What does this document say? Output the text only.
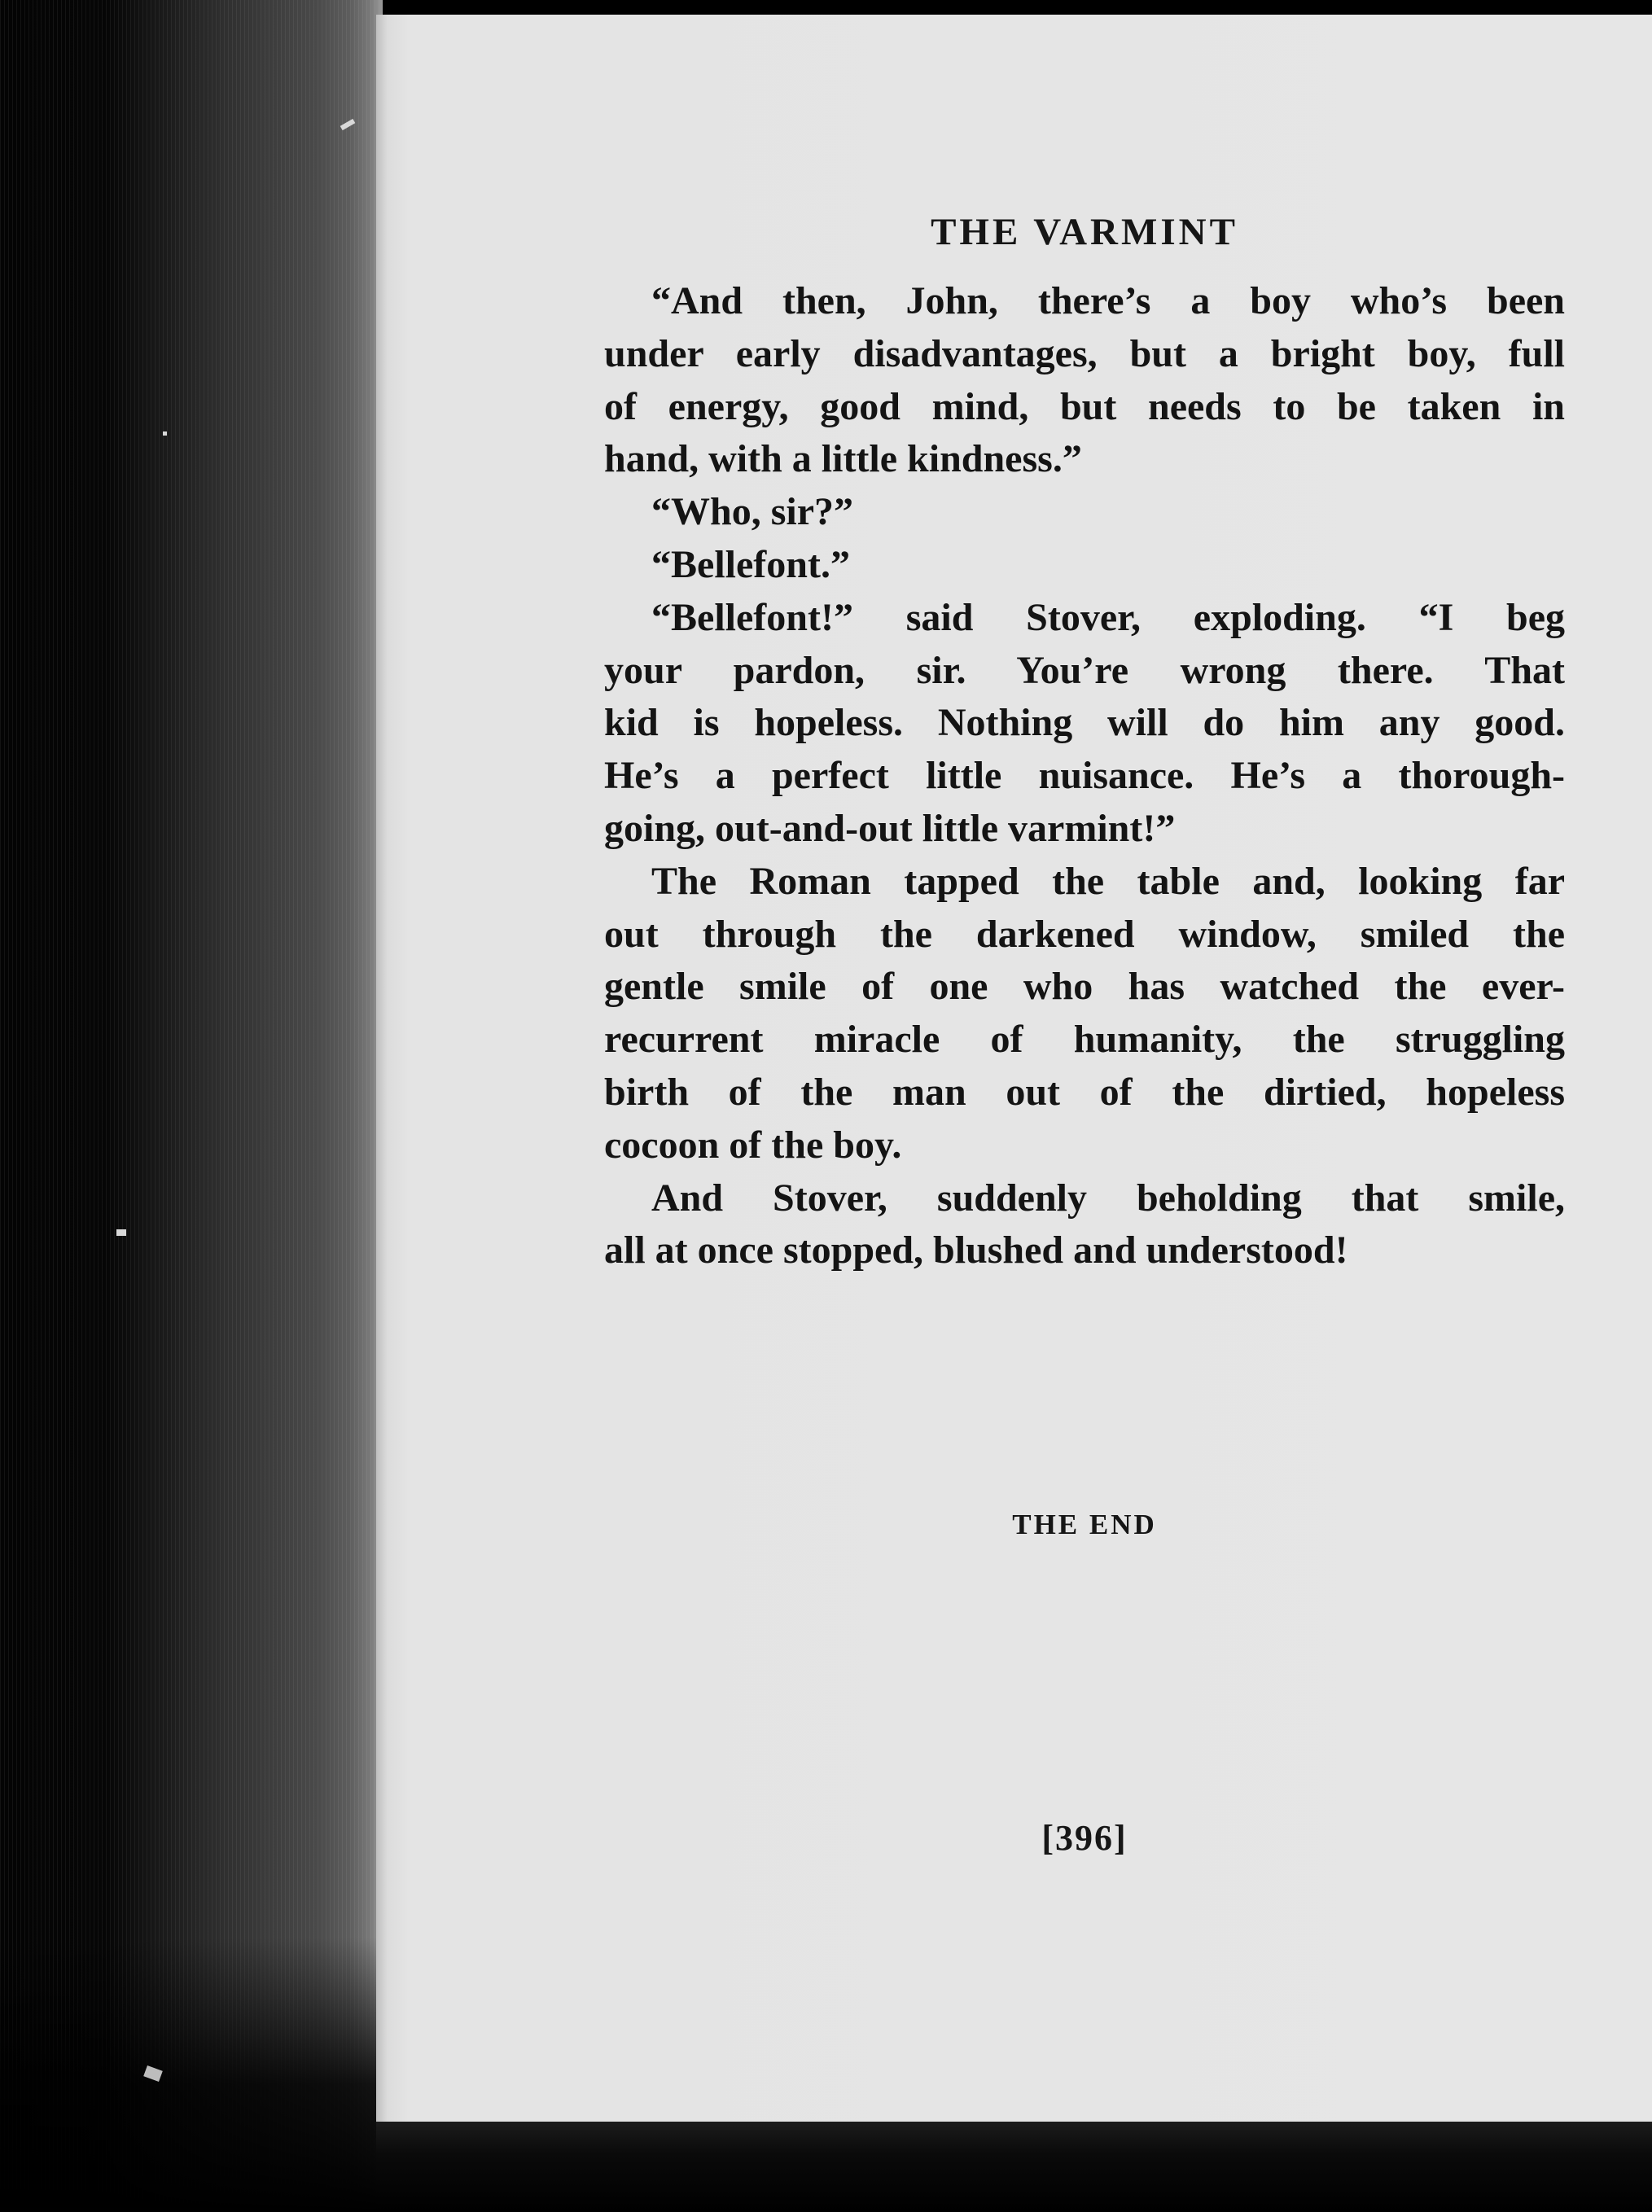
THE VARMINT
“And then, John, there’s a boy who’s been
under early disadvantages, but a bright boy, full
of energy, good mind, but needs to be taken in
hand, with a little kindness.”
“Who, sir?”
“Bellefont.”
“Bellefont!” said Stover, exploding. “I beg
your pardon, sir. You’re wrong there. That
kid is hopeless. Nothing will do him any good.
He’s a perfect little nuisance. He’s a thorough-
going, out-and-out little varmint!”
The Roman tapped the table and, looking far
out through the darkened window, smiled the
gentle smile of one who has watched the ever-
recurrent miracle of humanity, the struggling
birth of the man out of the dirtied, hopeless
cocoon of the boy.
And Stover, suddenly beholding that smile,
all at once stopped, blushed and understood!
THE END
[396]
